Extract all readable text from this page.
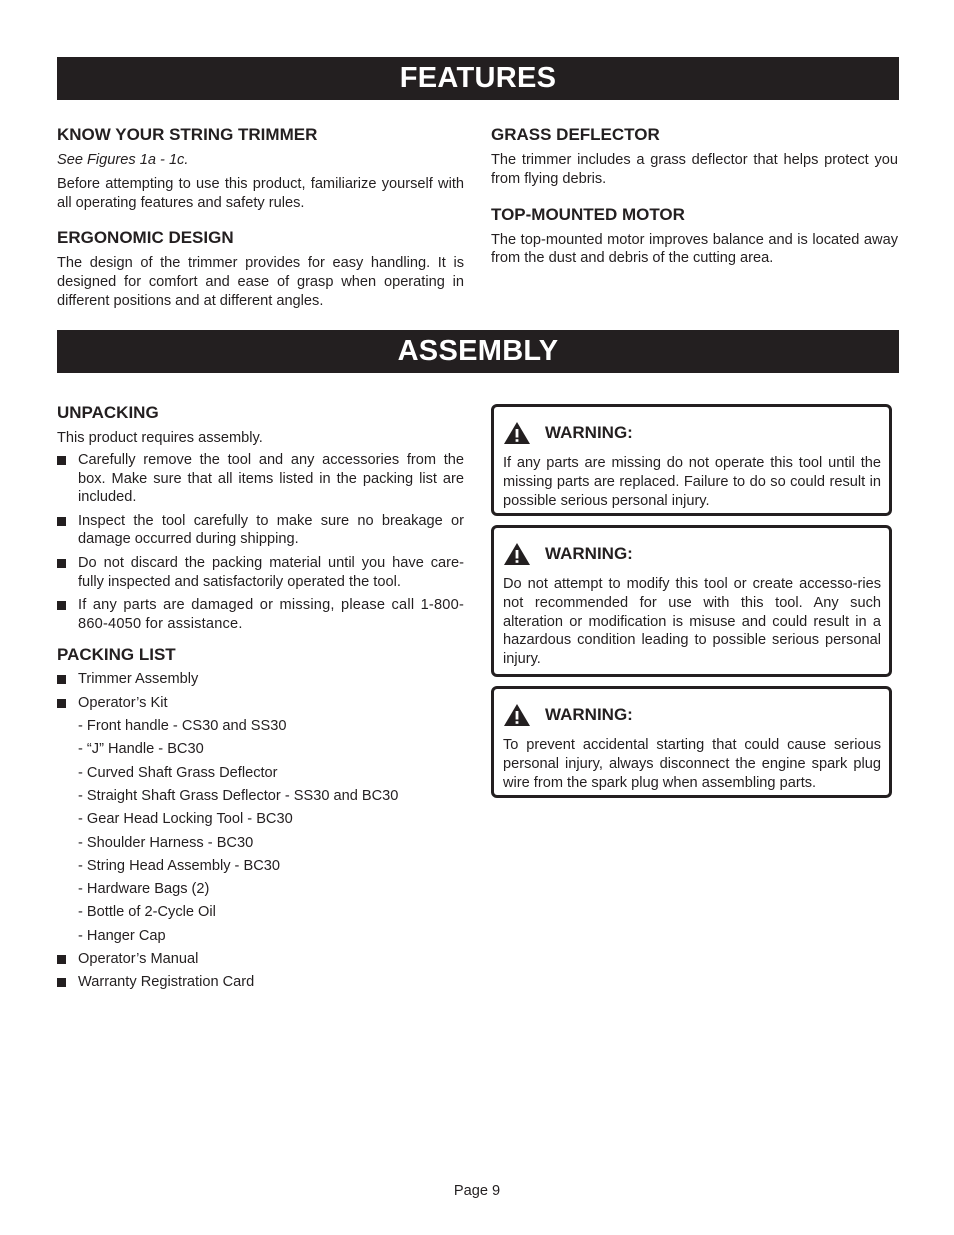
FEATURES
KNOW YOUR STRING TRIMMER

See Figures 1a - 1c.

Before attempting to use this product, familiarize yourself with all operating features and safety rules.

ERGONOMIC DESIGN

The design of the trimmer provides for easy handling. It is designed for comfort and ease of grasp when operating in different positions and at different angles.

GRASS DEFLECTOR

The trimmer includes a grass deflector that helps protect you from flying debris.

TOP-MOUNTED MOTOR

The top-mounted motor improves balance and is located away from the dust and debris of the cutting area.

ASSEMBLY
UNPACKING

This product requires assembly.

Carefully remove the tool and any accessories from the box. Make sure that all items listed in the packing list are included.
Inspect the tool carefully to make sure no breakage or damage occurred during shipping.
Do not discard the packing material until you have care-fully inspected and satisfactorily operated the tool.
If any parts are damaged or missing, please call 1-800-860-4050 for assistance.
PACKING LIST
Trimmer Assembly
Operator’s Kit
- Front handle - CS30 and SS30
- “J” Handle - BC30
- Curved Shaft Grass Deflector
- Straight Shaft Grass Deflector - SS30 and BC30
- Gear Head Locking Tool - BC30
- Shoulder Harness - BC30
- String Head Assembly - BC30
- Hardware Bags (2)
- Bottle of 2-Cycle Oil
- Hanger Cap
Operator’s Manual
Warranty Registration Card
WARNING:

If any parts are missing do not operate this tool until the missing parts are replaced. Failure to do so could result in possible serious personal injury.

WARNING:

Do not attempt to modify this tool or create accesso-ries not recommended for use with this tool. Any such alteration or modification is misuse and could result in a hazardous condition leading to possible serious personal injury.

WARNING:

To prevent accidental starting that could cause serious personal injury, always disconnect the engine spark plug wire from the spark plug when assembling parts.

Page 9
